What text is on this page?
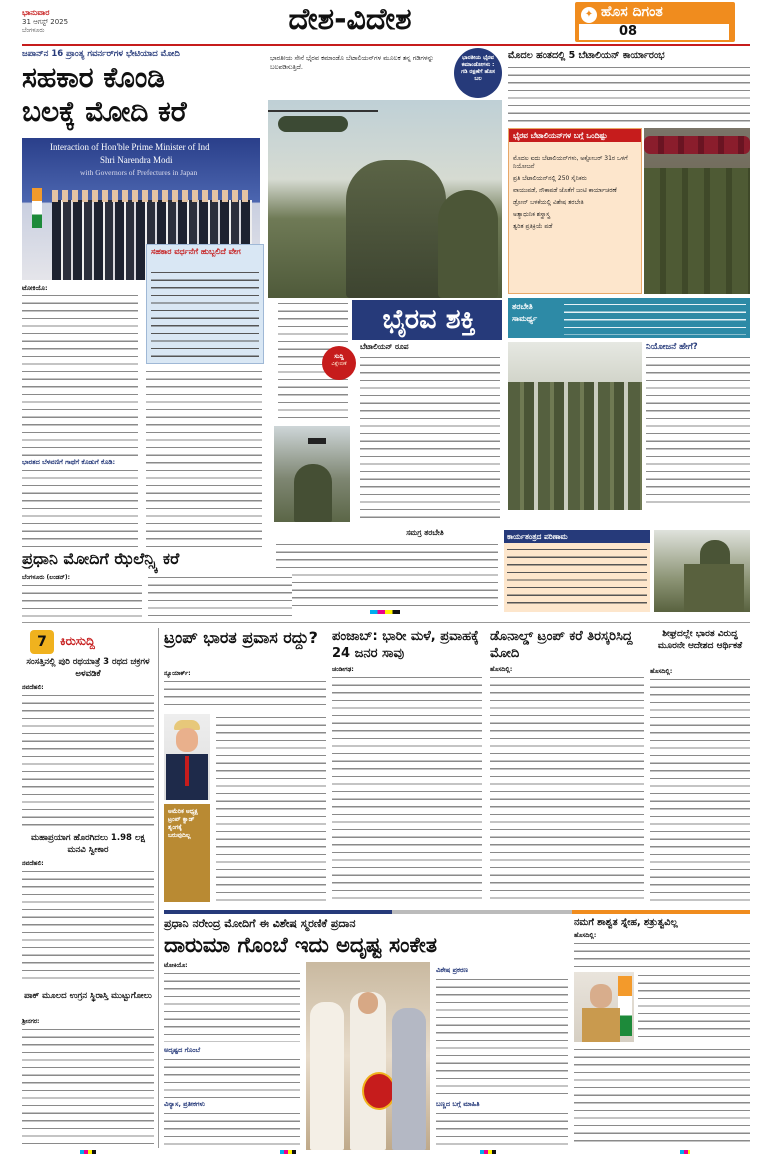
ಭಾನುವಾರ
31 ಆಗಸ್ಟ್ 2025
ಬೆಂಗಳೂರು	ದೇಶ-ವಿದೇಶ	✦ ಹೊಸ ದಿಗಂತ
08
ಜಪಾನ್‌ನ 16 ಪ್ರಾಂತ್ಯ ಗವರ್ನರ್‌ಗಳ ಭೇಟಿಯಾದ ಮೋದಿ
ಸಹಕಾರ ಕೊಂಡಿ
ಬಲಕ್ಕೆ ಮೋದಿ ಕರೆ
Interaction of Hon'ble Prime Minister of Ind
Shri Narendra Modi
with Governors of Prefectures in Japan
ಟೋಕಿಯೊ:
ಭಾರತದ ಬೆಳವಣಿಗೆ ಗಾಥೆಗೆ ಕೊಡುಗೆ ಕೊಡಿ:
ಸಹಕಾರ ವರ್ಧನೆಗೆ ಹುಬ್ಬಲಿದೆ ವೇಗ
ಭಾರತೀಯ ಸೇನೆ ಭೈರವ ಕಮಾಂಡೊ ಬೆಟಾಲಿಯನ್‌ಗಳ ಮೂಲಕ ತನ್ನ ಗಡಿಗಳನ್ನು ಬಲಪಡಿಸುತ್ತಿದೆ.
ಭಾರತೀಯ ಭೈರವ ಕಮಾಂಡೋಗಳು : ಗಡಿ ರಕ್ಷಣೆಗೆ ಹೊಸ ಬಲ
ಮೊದಲ ಹಂತದಲ್ಲಿ 5 ಬೆಟಾಲಿಯನ್ ಕಾರ್ಯಾರಂಭ
ಭೈರವ ಬೆಟಾಲಿಯನ್‌ಗಳ ಬಗ್ಗೆ ಒಂದಿಷ್ಟು
ಮೊದಲ ಐದು ಬೆಟಾಲಿಯನ್‌ಗಳು, ಅಕ್ಟೋಬರ್ 31ರ ಒಳಗೆ ನಿಯೋಜನೆ
ಪ್ರತಿ ಬೆಟಾಲಿಯನ್‌ನಲ್ಲಿ 250 ಸೈನಿಕರು
ವಾಯುಪಡೆ, ನೌಕಾಪಡೆ ಜೊತೆಗೆ ಜಂಟಿ ಕಾರ್ಯಾಚರಣೆ
ಡ್ರೋನ್ ಬಳಕೆಯಲ್ಲಿ ವಿಶೇಷ ತರಬೇತಿ
ಅತ್ಯಾಧುನಿಕ ಶಸ್ತ್ರಾಸ್ತ್ರ
ತ್ವರಿತ ಪ್ರತಿಕ್ರಿಯೆ ಪಡೆ
ಭೈರವ ಶಕ್ತಿ
ಸುದ್ದಿ
ವಿಶ್ಲೇಷಣೆ
ಬೆಟಾಲಿಯನ್ ರೂಪ
ತರಬೇತಿ
ಸಾಮರ್ಥ್ಯ
ನಿಯೋಜನೆ ಹೇಗೆ?
ಸಮಗ್ರ ತರಬೇತಿ	ಕಾರ್ಯತಂತ್ರದ ಪರಿಣಾಮ
ಪ್ರಧಾನಿ ಮೋದಿಗೆ ಝೆಲೆನ್ಸ್ಕಿ ಕರೆ
ಬೆಂಗಳೂರು (ಲಂಡನ್):
7	ಕಿರುಸುದ್ದಿ
ಸಂಸತ್ತಿನಲ್ಲಿ ಪುರಿ ರಥಯಾತ್ರೆ 3 ರಥದ ಚಕ್ರಗಳ ಅಳವಡಿಕೆ
ನವದೆಹಲಿ:
ಮಹಾಪ್ರಯಾಗ ಹೊರಗಿದಲು 1.98 ಲಕ್ಷ ಮನವಿ ಸ್ವೀಕಾರ
ನವದೆಹಲಿ:
ಪಾಕ್ ಮೂಲದ ಉಗ್ರನ ಸ್ಥಿರಾಸ್ತಿ ಮುಟ್ಟುಗೋಲು
ಶ್ರೀನಗರ:
ಟ್ರಂಪ್ ಭಾರತ ಪ್ರವಾಸ ರದ್ದು?
ನ್ಯೂಯಾರ್ಕ್:
ಅಮೆರಿಕ ಅಧ್ಯಕ್ಷ ಟ್ರಂಪ್ ಕ್ವಾಡ್ ಶೃಂಗಕ್ಕೆ ಬರುವುದಿಲ್ಲ
ಪಂಜಾಬ್: ಭಾರೀ ಮಳೆ, ಪ್ರವಾಹಕ್ಕೆ 24 ಜನರ ಸಾವು
ಚಂಡೀಗಢ:
ಡೊನಾಲ್ಡ್ ಟ್ರಂಪ್ ಕರೆ ತಿರಸ್ಕರಿಸಿದ್ದ ಮೋದಿ
ಹೊಸದಿಲ್ಲಿ:
ಶೀಘ್ರದಲ್ಲೇ ಭಾರತ ವಿರುದ್ಧ ಮೂರನೇ ಆದೇಶದ ಆರ್ಥಿಕತೆ
ಹೊಸದಿಲ್ಲಿ:
ಪ್ರಧಾನಿ ನರೇಂದ್ರ ಮೋದಿಗೆ ಈ ವಿಶೇಷ ಸ್ಮರಣಿಕೆ ಪ್ರದಾನ
ದಾರುಮಾ ಗೊಂಬೆ ಇದು ಅದೃಷ್ಟ ಸಂಕೇತ
ಟೋಕಿಯೊ:
ಅದೃಷ್ಟದ ಗೊಂಬೆ
ವಿನ್ಯಾಸ, ಪ್ರತೀಕಗಳು
ವಿಶೇಷ ಪ್ರಕರಣ
ಬಣ್ಣದ ಬಗ್ಗೆ ಮಾಹಿತಿ
ನಮಗೆ ಶಾಶ್ವತ ಸ್ನೇಹ, ಶತ್ರುತ್ವವಿಲ್ಲ
ಹೊಸದಿಲ್ಲಿ:
